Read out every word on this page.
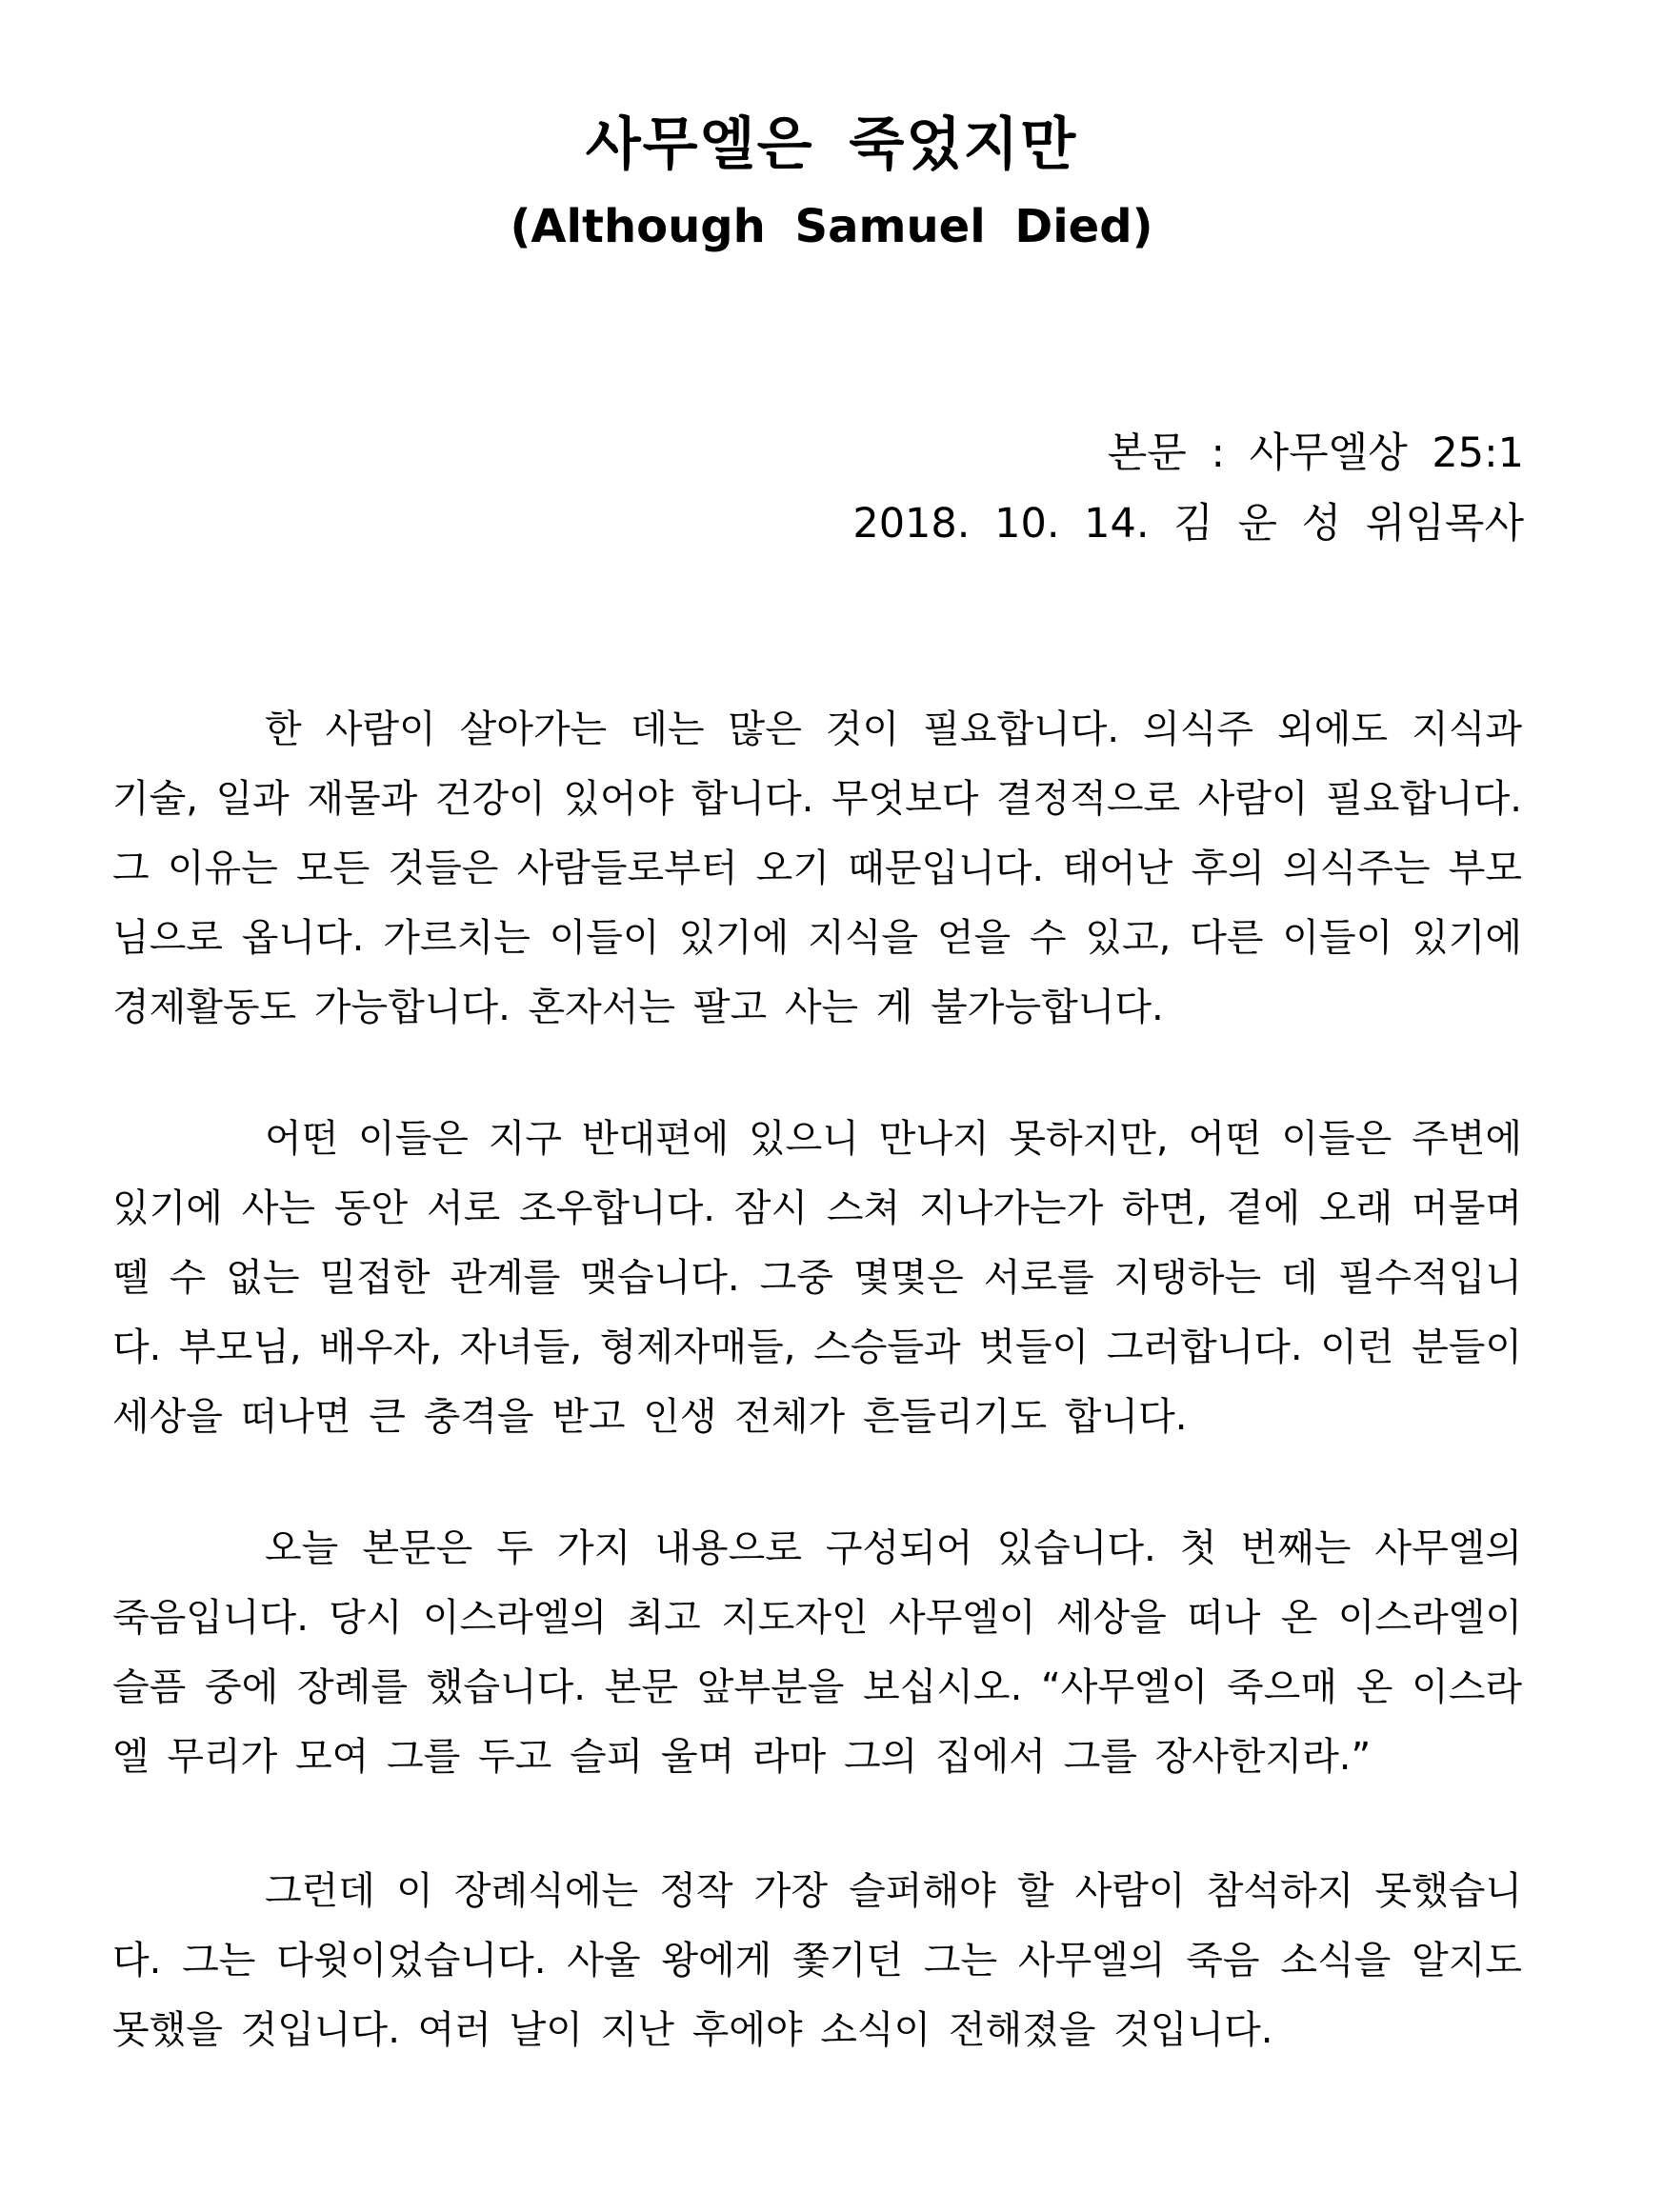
사무엘은 죽었지만
(Although Samuel Died)
본문 : 사무엘상 25:1
2018. 10. 14. 김 운 성 위임목사
한 사람이 살아가는 데는 많은 것이 필요합니다. 의식주 외에도 지식과
기술, 일과 재물과 건강이 있어야 합니다. 무엇보다 결정적으로 사람이 필요합니다.
그 이유는 모든 것들은 사람들로부터 오기 때문입니다. 태어난 후의 의식주는 부모
님으로 옵니다. 가르치는 이들이 있기에 지식을 얻을 수 있고, 다른 이들이 있기에
경제활동도 가능합니다. 혼자서는 팔고 사는 게 불가능합니다.
어떤 이들은 지구 반대편에 있으니 만나지 못하지만, 어떤 이들은 주변에
있기에 사는 동안 서로 조우합니다. 잠시 스쳐 지나가는가 하면, 곁에 오래 머물며
뗄 수 없는 밀접한 관계를 맺습니다. 그중 몇몇은 서로를 지탱하는 데 필수적입니
다. 부모님, 배우자, 자녀들, 형제자매들, 스승들과 벗들이 그러합니다. 이런 분들이
세상을 떠나면 큰 충격을 받고 인생 전체가 흔들리기도 합니다.
오늘 본문은 두 가지 내용으로 구성되어 있습니다. 첫 번째는 사무엘의
죽음입니다. 당시 이스라엘의 최고 지도자인 사무엘이 세상을 떠나 온 이스라엘이
슬픔 중에 장례를 했습니다. 본문 앞부분을 보십시오. “사무엘이 죽으매 온 이스라
엘 무리가 모여 그를 두고 슬피 울며 라마 그의 집에서 그를 장사한지라.”
그런데 이 장례식에는 정작 가장 슬퍼해야 할 사람이 참석하지 못했습니
다. 그는 다윗이었습니다. 사울 왕에게 쫓기던 그는 사무엘의 죽음 소식을 알지도
못했을 것입니다. 여러 날이 지난 후에야 소식이 전해졌을 것입니다.
